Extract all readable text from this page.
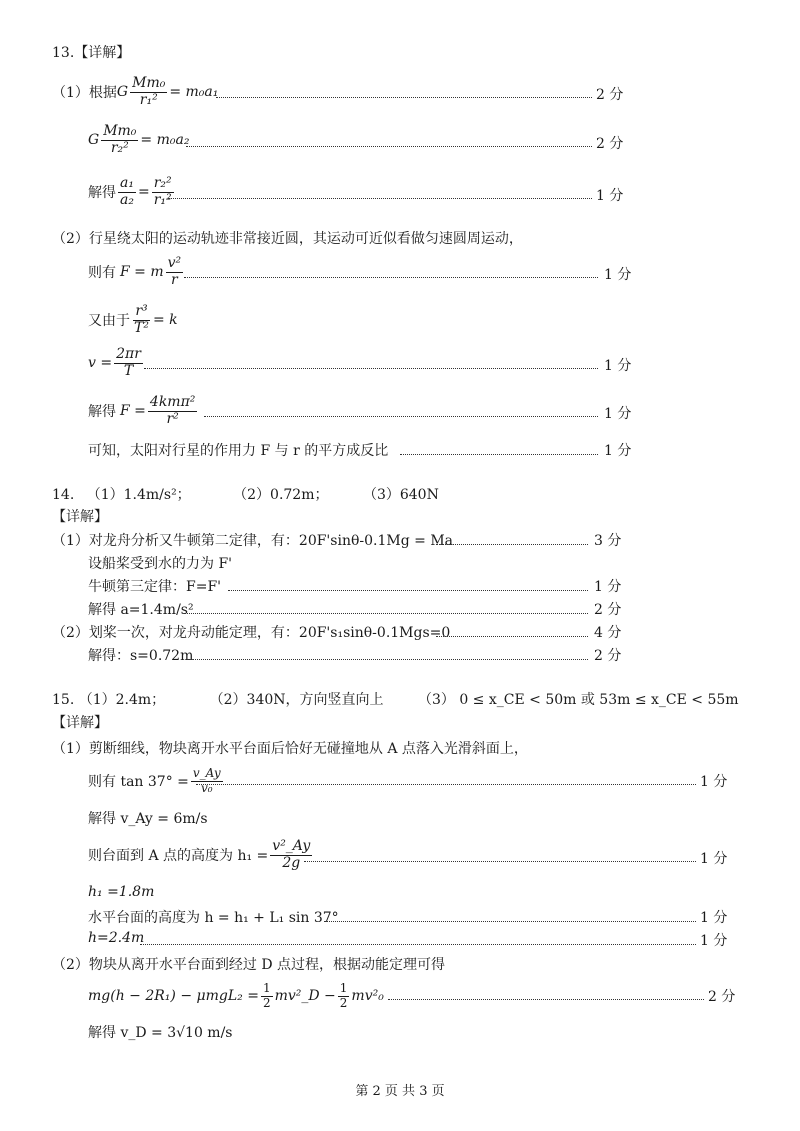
13.【详解】
（1）根据 G $\frac{\text{Mm₀}}{\text{r₁²}} = m_0a_1$	2 分
G $\frac{\text{Mm₀}}{\text{r₂²}} = m_0a_2$	2 分
解得 $\frac{\text{a₁}}{\text{a₂}} = \frac{\text{r₂²}}{\text{r₁²}}$	1 分
（2）行星绕太阳的运动轨迹非常接近圆，其运动可近似看做匀速圆周运动，
则有 F = m $\frac{\text{v²}}{r}$	1 分
又由于 $\frac{\text{r³}}{\text{T²}} = k$
$v = \frac{2\pi r}{T}$	1 分
解得 $F = \frac{\text{4kmπ²}}{\text{r²}}$	1 分
可知，太阳对行星的作用力 F 与 r 的平方成反比	1 分
14. （1）1.4m/s²；	（2）0.72m； （3）640N
【详解】
（1）对龙舟分析又牛顿第二定律，有：20F'sinθ-0.1Mg = Ma	3 分
设船桨受到水的力为 F'
牛顿第三定律：F=F'	1 分
解得 a=1.4m/s²	2 分
（2）划桨一次，对龙舟动能定理，有：20F's₁sinθ-0.1Mgs=0	4 分
解得：s=0.72m	2 分
15. （1）2.4m；	（2）340N，方向竖直向上 （3） 0 ≤ x_CE < 50m 或 53m ≤ x_CE < 55m
【详解】
（1）剪断细线，物块离开水平台面后恰好无碰撞地从 A 点落入光滑斜面上，
则有 $\tan 37^\circ = \frac{v\_Ay}{\text{v₀}}$	1 分
解得 v_Ay = 6m/s
则台面到 A 点的高度为 $h_1 = \frac{\text{v²\_Ay}}{2g}$	1 分
h₁ =1.8m
水平台面的高度为 h = h₁ + L₁ sin 37°	1 分
h=2.4m	1 分
（2）物块从离开水平台面到经过 D 点过程，根据动能定理可得
$mg(h - 2R_1) - \mu mgL_2 = \frac{1}{2}$ mv²_D − $\frac{1}{2} mv^2_0$	2 分
解得 v_D = 3√10 m/s
第 2 页 共 3 页
